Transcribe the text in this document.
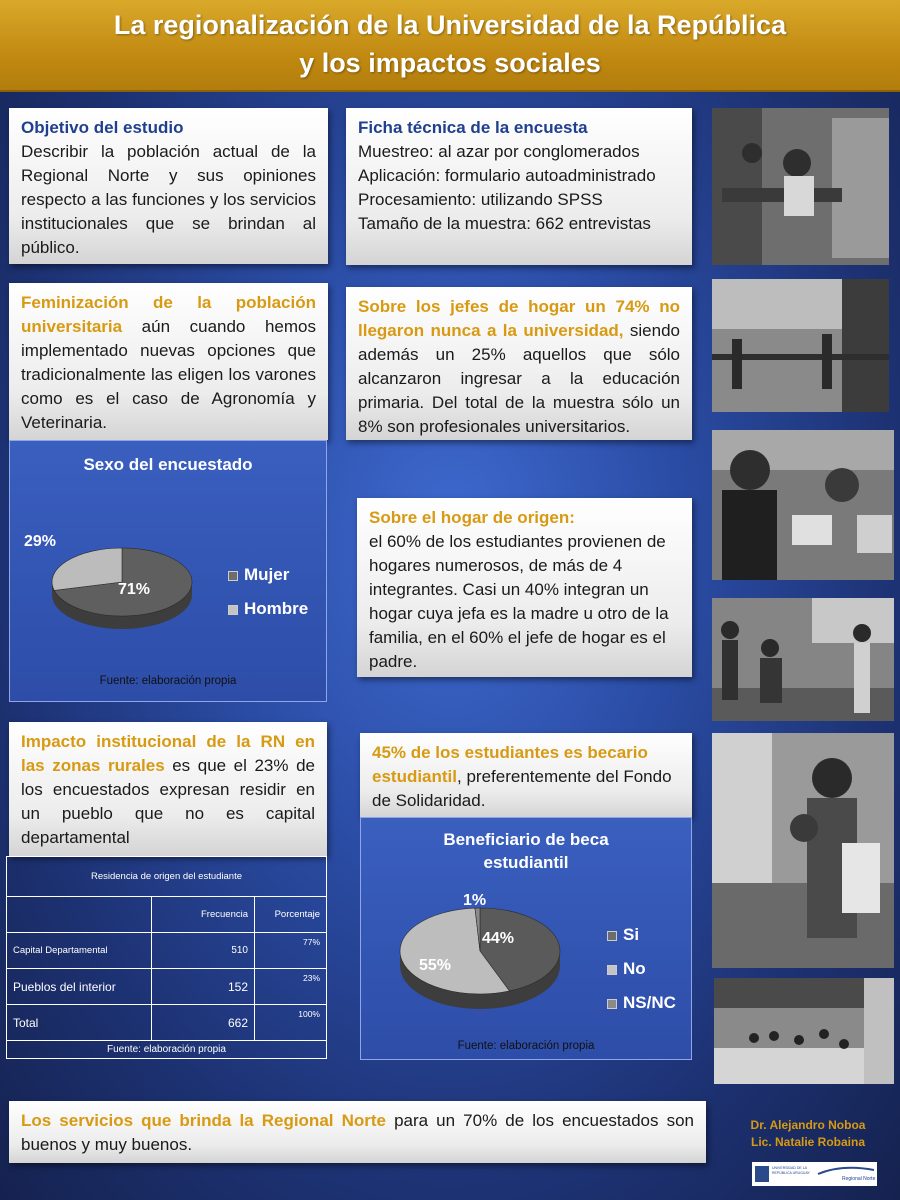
La regionalización de la Universidad de la República
y los impactos sociales
Objetivo del estudio
Describir la población actual de la Regional Norte y sus opiniones respecto a las funciones y los servicios institucionales que se brindan al público.
Ficha técnica de la encuesta
Muestreo: al azar por conglomerados
Aplicación: formulario autoadministrado
Procesamiento: utilizando SPSS
Tamaño de la muestra: 662 entrevistas
Feminización de la población universitaria aún cuando hemos implementado nuevas opciones que tradicionalmente las eligen los varones como es el caso de Agronomía y Veterinaria.
Sexo del encuestado
29%
71%
Mujer
Hombre
Fuente: elaboración propia
Sobre los jefes de hogar un 74% no llegaron nunca a la universidad, siendo además un 25% aquellos que sólo alcanzaron ingresar a la educación primaria. Del total de la muestra sólo un 8% son profesionales universitarios.
Sobre el hogar de origen:
el 60% de los estudiantes provienen de hogares numerosos, de más de 4 integrantes. Casi un 40% integran un hogar cuya jefa es la madre u otro de la familia, en el 60% el jefe de hogar es el padre.
Impacto institucional de la RN en las zonas rurales es que el 23% de los encuestados expresan residir en un pueblo que no es capital departamental
Residencia de origen del estudiante		
	Frecuencia	Porcentaje
Capital Departamental	510	77%
Pueblos del interior	152	23%
Total	662	100%
Fuente: elaboración propia		
45% de los estudiantes es becario estudiantil, preferentemente del Fondo de Solidaridad.
Beneficiario de beca estudiantil
1%
44%
55%
Si
No
NS/NC
Fuente: elaboración propia
Los servicios que brinda la Regional Norte para un 70% de los encuestados son buenos y muy buenos.
Dr. Alejandro Noboa
Lic. Natalie Robaina
UNIVERSIDAD DE LA REPÚBLICA URUGUAY
Regional Norte
